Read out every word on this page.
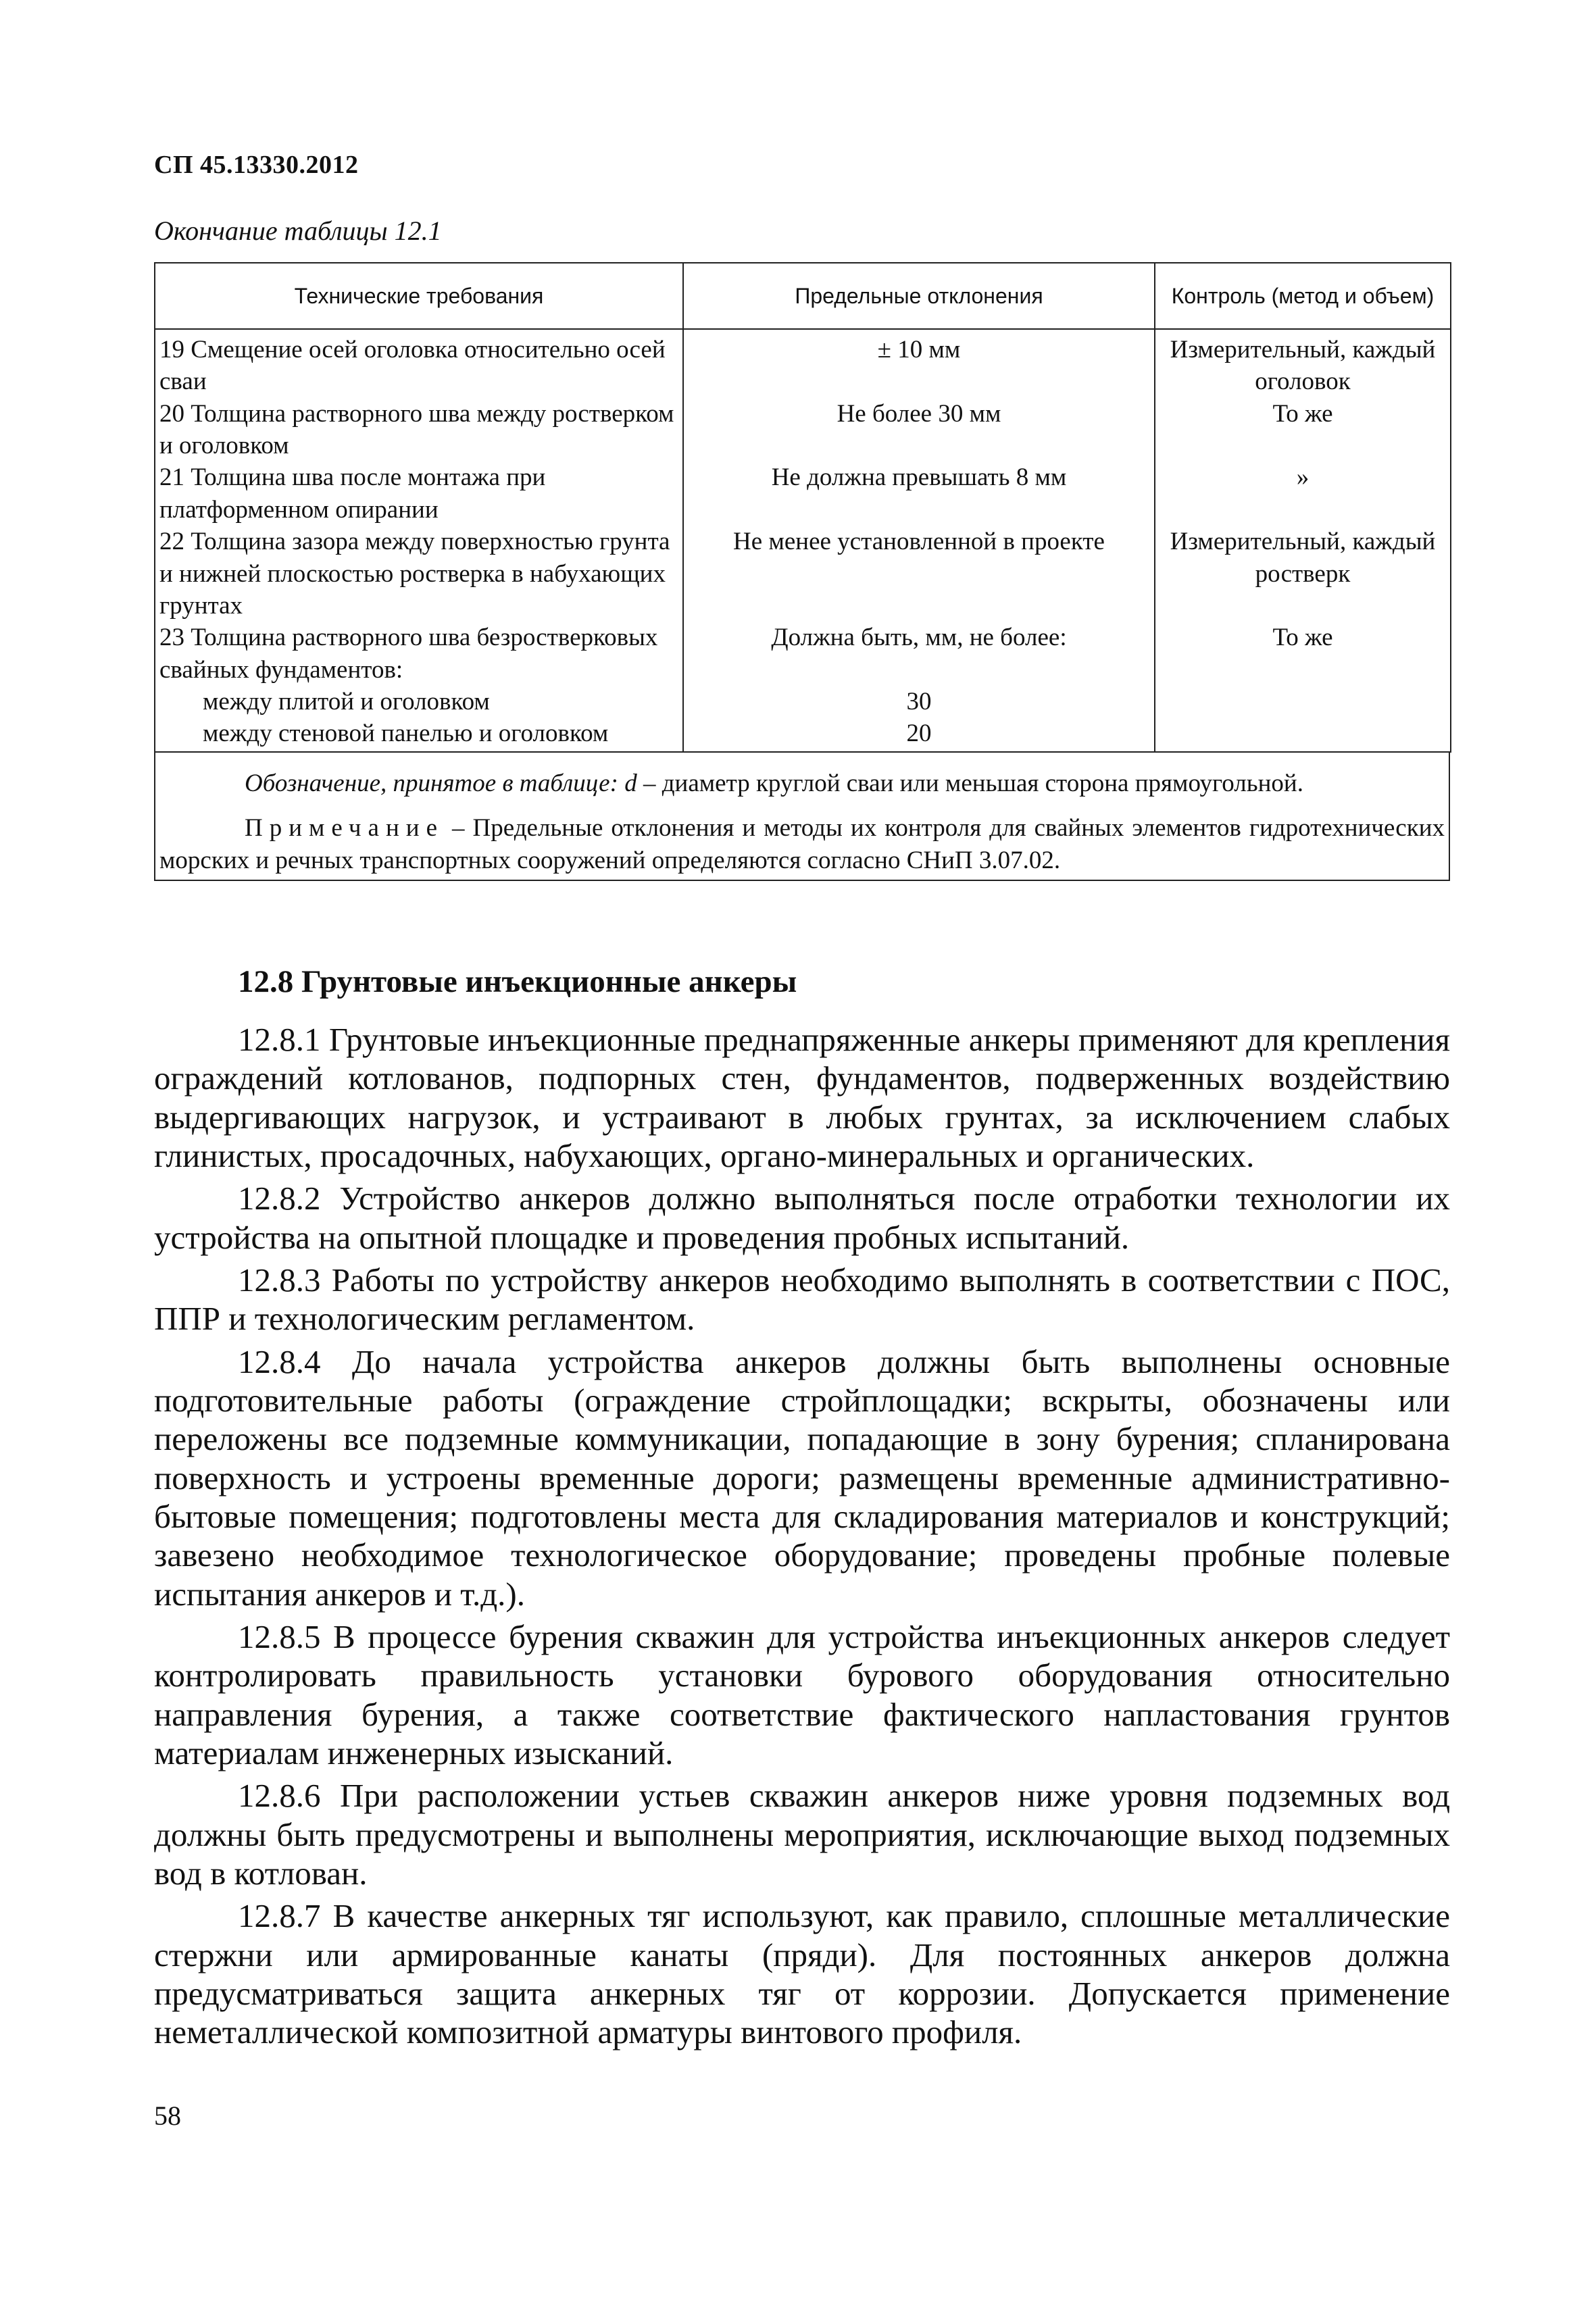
СП 45.13330.2012
Окончание таблицы 12.1
Технические требования	Предельные отклонения	Контроль (метод и объем)
19 Смещение осей оголовка относительно осей сваи	± 10 мм	Измерительный, каждый оголовок
20 Толщина растворного шва между ростверком и оголовком	Не более 30 мм	То же
21 Толщина шва после монтажа при платформенном опирании	Не должна превышать 8 мм	»
22 Толщина зазора между поверхностью грунта и нижней плоскостью ростверка в набухающих грунтах	Не менее установленной в проекте	Измерительный, каждый ростверк
23 Толщина растворного шва безростверковых свайных фундаментов:	Должна быть, мм, не более:	То же

между плитой и оголовком	30	

между стеновой панелью и оголовком	20	

Обозначение, принятое в таблице: d – диаметр круглой сваи или меньшая сторона прямоугольной.

Примечание – Предельные отклонения и методы их контроля для свайных элементов гидротехнических морских и речных транспортных сооружений определяются согласно СНиП 3.07.02.

12.8 Грунтовые инъекционные анкеры

12.8.1 Грунтовые инъекционные преднапряженные анкеры применяют для крепления ограждений котлованов, подпорных стен, фундаментов, подверженных воздействию выдергивающих нагрузок, и устраивают в любых грунтах, за исключением слабых глинистых, просадочных, набухающих, органо-минеральных и органических.

12.8.2 Устройство анкеров должно выполняться после отработки технологии их устройства на опытной площадке и проведения пробных испытаний.

12.8.3 Работы по устройству анкеров необходимо выполнять в соответствии с ПОС, ППР и технологическим регламентом.

12.8.4 До начала устройства анкеров должны быть выполнены основные подготовительные работы (ограждение стройплощадки; вскрыты, обозначены или переложены все подземные коммуникации, попадающие в зону бурения; спланирована поверхность и устроены временные дороги; размещены временные административно-бытовые помещения; подготовлены места для складирования материалов и конструкций; завезено необходимое технологическое оборудование; проведены пробные полевые испытания анкеров и т.д.).

12.8.5 В процессе бурения скважин для устройства инъекционных анкеров следует контролировать правильность установки бурового оборудования относительно направления бурения, а также соответствие фактического напластования грунтов материалам инженерных изысканий.

12.8.6 При расположении устьев скважин анкеров ниже уровня подземных вод должны быть предусмотрены и выполнены мероприятия, исключающие выход подземных вод в котлован.

12.8.7 В качестве анкерных тяг используют, как правило, сплошные металлические стержни или армированные канаты (пряди). Для постоянных анкеров должна предусматриваться защита анкерных тяг от коррозии. Допускается применение неметаллической композитной арматуры винтового профиля.

58
